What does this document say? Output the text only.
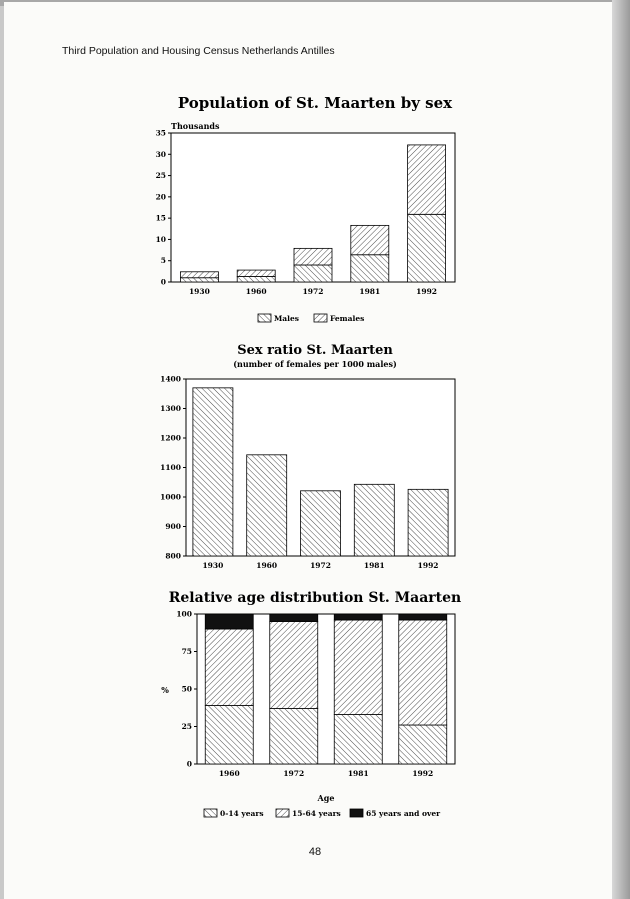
Third Population and Housing Census Netherlands Antilles
Population of St. Maarten by sex
Sex ratio St. Maarten
(number of females per 1000 males)
Relative age distribution St. Maarten
0
5
10
15
20
25
30
35
1930	1960	1972	1981	1992
Thousands
Males	Females
800
900
1000
1100
1200
1300
1400
1930	1960	1972	1981	1992
0
25
50
75
100
1960	1972	1981	1992
%
Age
0-14 years	15-64 years	65 years and over
48
